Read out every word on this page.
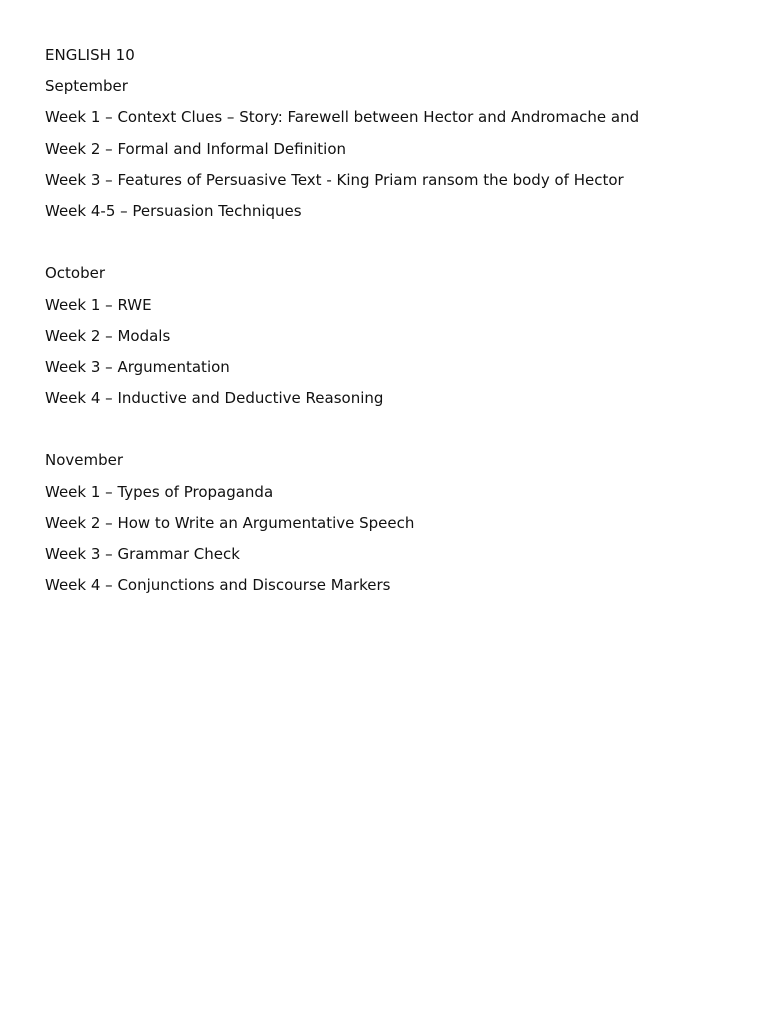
ENGLISH 10
September
Week 1 – Context Clues – Story: Farewell between Hector and Andromache and
Week 2 – Formal and Informal Definition
Week 3 – Features of Persuasive Text - King Priam ransom the body of Hector
Week 4-5 – Persuasion Techniques
October
Week 1 – RWE
Week 2 – Modals
Week 3 – Argumentation
Week 4 – Inductive and Deductive Reasoning
November
Week 1 – Types of Propaganda
Week 2 – How to Write an Argumentative Speech
Week 3 – Grammar Check
Week 4 – Conjunctions and Discourse Markers
